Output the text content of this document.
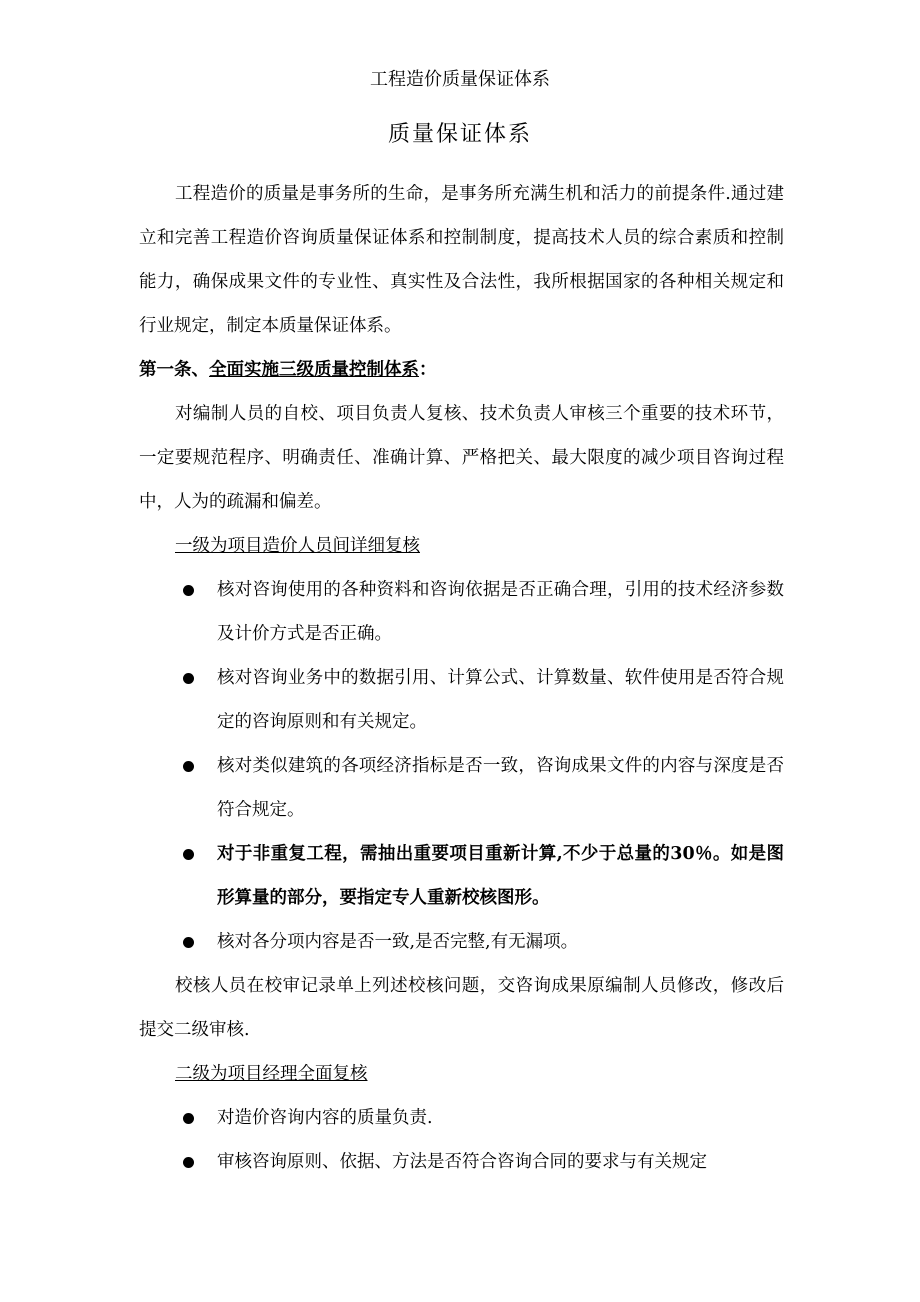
工程造价质量保证体系
质量保证体系

工程造价的质量是事务所的生命，是事务所充满生机和活力的前提条件.通过建立和完善工程造价咨询质量保证体系和控制制度，提高技术人员的综合素质和控制能力，确保成果文件的专业性、真实性及合法性，我所根据国家的各种相关规定和行业规定，制定本质量保证体系。

第一条、全面实施三级质量控制体系：

对编制人员的自校、项目负责人复核、技术负责人审核三个重要的技术环节，一定要规范程序、明确责任、准确计算、严格把关、最大限度的减少项目咨询过程中，人为的疏漏和偏差。

一级为项目造价人员间详细复核

核对咨询使用的各种资料和咨询依据是否正确合理，引用的技术经济参数及计价方式是否正确。
核对咨询业务中的数据引用、计算公式、计算数量、软件使用是否符合规定的咨询原则和有关规定。
核对类似建筑的各项经济指标是否一致，咨询成果文件的内容与深度是否符合规定。
对于非重复工程，需抽出重要项目重新计算,不少于总量的30％。如是图形算量的部分，要指定专人重新校核图形。
核对各分项内容是否一致,是否完整,有无漏项。

校核人员在校审记录单上列述校核问题，交咨询成果原编制人员修改，修改后提交二级审核.

二级为项目经理全面复核

对造价咨询内容的质量负责.
审核咨询原则、依据、方法是否符合咨询合同的要求与有关规定
